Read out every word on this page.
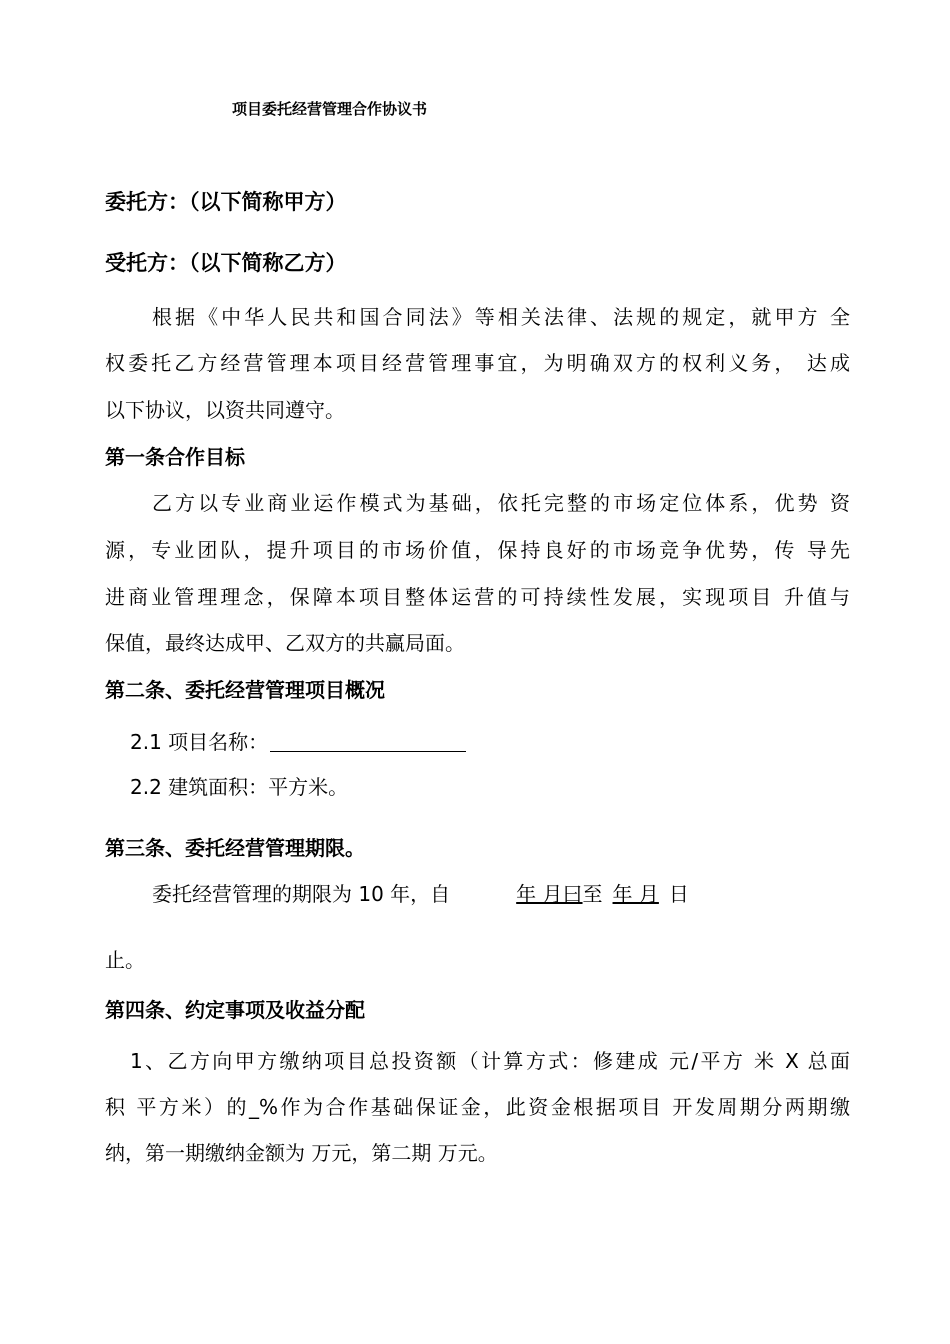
项目委托经营管理合作协议书
委托方：（以下简称甲方）
受托方：（以下简称乙方）
根据《中华人民共和国合同法》等相关法律、法规的规定，就甲方 全
权委托乙方经营管理本项目经营管理事宜，为明确双方的权利义务， 达成
以下协议，以资共同遵守。
第一条合作目标
乙方以专业商业运作模式为基础，依托完整的市场定位体系，优势 资
源，专业团队，提升项目的市场价值，保持良好的市场竞争优势，传 导先
进商业管理理念，保障本项目整体运营的可持续性发展，实现项目 升值与
保值，最终达成甲、乙双方的共赢局面。
第二条、委托经营管理项目概况
2.1 项目名称：
2.2 建筑面积：平方米。
第三条、委托经营管理期限。
委托经营管理的期限为 10 年，自	年 月曰至 年 月 日
止。
第四条、约定事项及收益分配
1、乙方向甲方缴纳项目总投资额（计算方式：修建成 元/平方 米 X 总面
积 平方米）的_%作为合作基础保证金，此资金根据项目 开发周期分两期缴
纳，第一期缴纳金额为 万元，第二期 万元。
